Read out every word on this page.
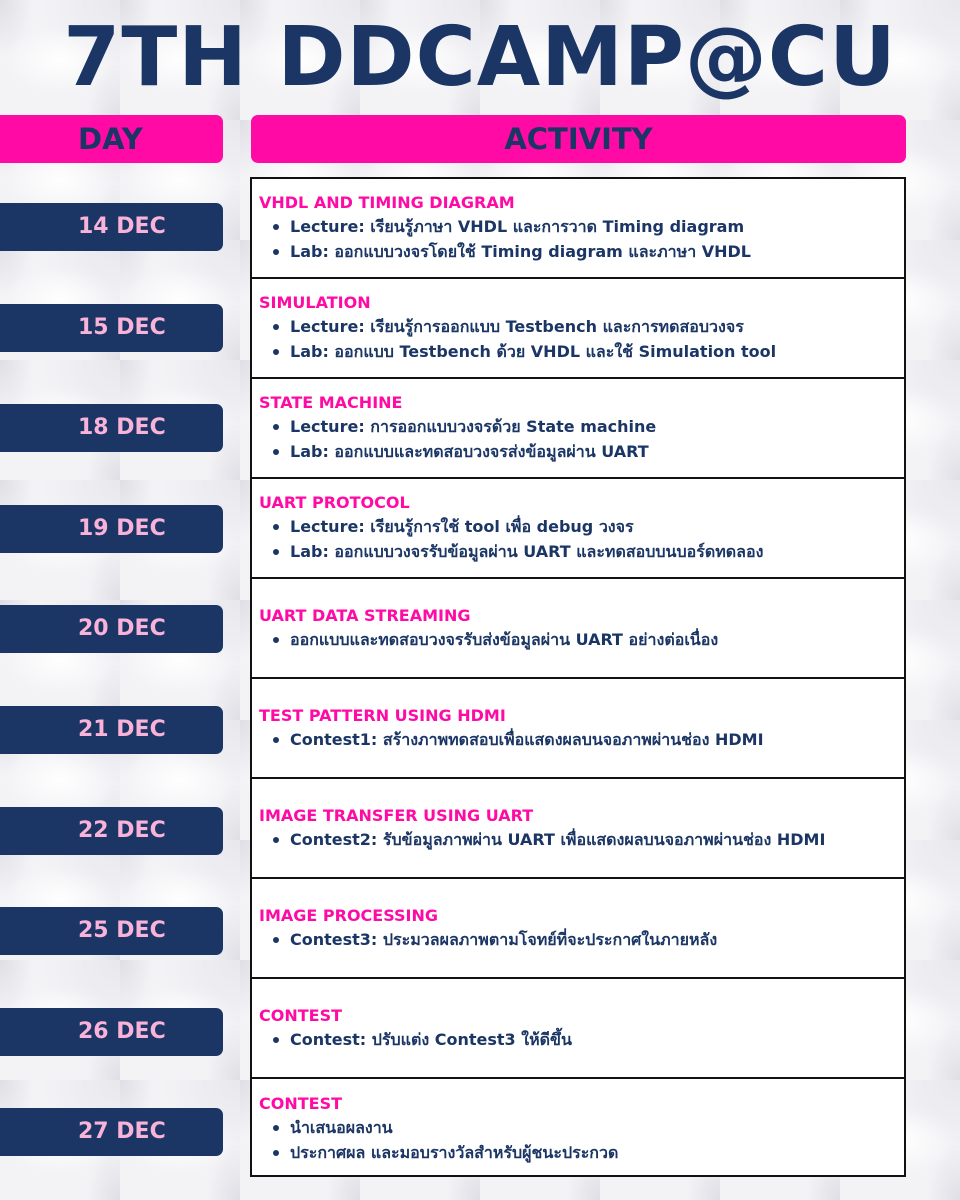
7TH DDCAMP@CU
DAY	ACTIVITY
14 DEC
15 DEC
18 DEC
19 DEC
20 DEC
21 DEC
22 DEC
25 DEC
26 DEC
27 DEC
VHDL AND TIMING DIAGRAM
Lecture: เรียนรู้ภาษา VHDL และการวาด Timing diagram
Lab: ออกแบบวงจรโดยใช้ Timing diagram และภาษา VHDL
SIMULATION
Lecture: เรียนรู้การออกแบบ Testbench และการทดสอบวงจร
Lab: ออกแบบ Testbench ด้วย VHDL และใช้ Simulation tool
STATE MACHINE
Lecture: การออกแบบวงจรด้วย State machine
Lab: ออกแบบและทดสอบวงจรส่งข้อมูลผ่าน UART
UART PROTOCOL
Lecture: เรียนรู้การใช้ tool เพื่อ debug วงจร
Lab: ออกแบบวงจรรับข้อมูลผ่าน UART และทดสอบบนบอร์ดทดลอง
UART DATA STREAMING
ออกแบบและทดสอบวงจรรับส่งข้อมูลผ่าน UART อย่างต่อเนื่อง
TEST PATTERN USING HDMI
Contest1: สร้างภาพทดสอบเพื่อแสดงผลบนจอภาพผ่านช่อง HDMI
IMAGE TRANSFER USING UART
Contest2: รับข้อมูลภาพผ่าน UART เพื่อแสดงผลบนจอภาพผ่านช่อง HDMI
IMAGE PROCESSING
Contest3: ประมวลผลภาพตามโจทย์ที่จะประกาศในภายหลัง
CONTEST
Contest: ปรับแต่ง Contest3 ให้ดีขึ้น
CONTEST
นำเสนอผลงาน
ประกาศผล และมอบรางวัลสำหรับผู้ชนะประกวด
